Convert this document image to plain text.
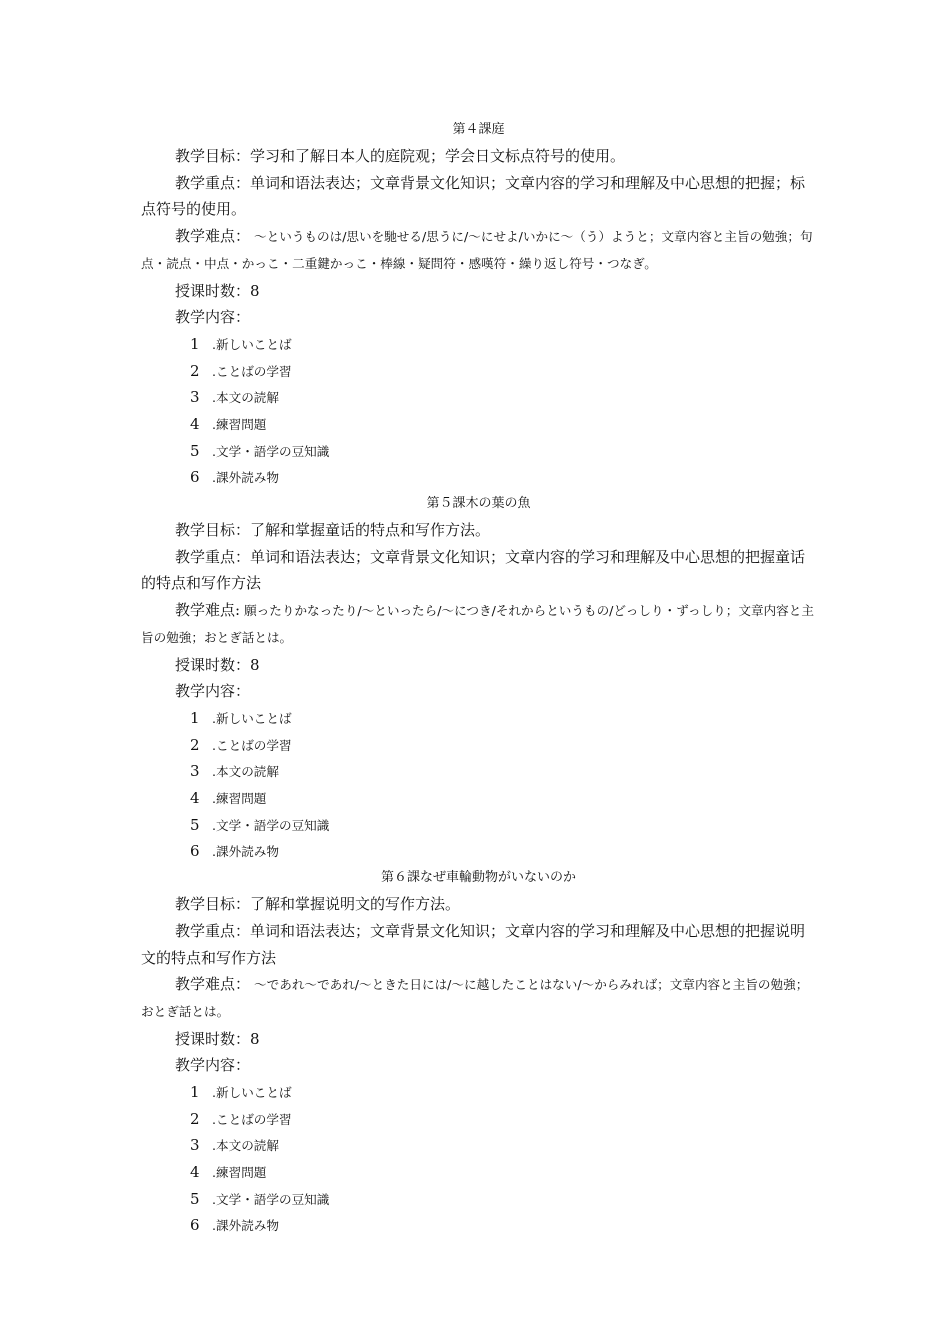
第４課庭

教学目标：学习和了解日本人的庭院观；学会日文标点符号的使用。

教学重点：单词和语法表达；文章背景文化知识；文章内容的学习和理解及中心思想的把握；标点符号的使用。

教学难点： ～というものは/思いを馳せる/思うに/～にせよ/いかに～（う）ようと；文章内容と主旨の勉強；句点・読点・中点・かっこ・二重鍵かっこ・棒線・疑問符・感嘆符・繰り返し符号・つなぎ。

授课时数：8

教学内容：

1 .新しいことば
2 .ことばの学習
3 .本文の読解
4 .練習問題
5 .文学・語学の豆知識
6 .課外読み物
第５課木の葉の魚

教学目标：了解和掌握童话的特点和写作方法。

教学重点：单词和语法表达；文章背景文化知识；文章内容的学习和理解及中心思想的把握童话的特点和写作方法

教学难点: 願ったりかなったり/～といったら/～につき/それからというもの/どっしり・ずっしり；文章内容と主旨の勉強；おとぎ話とは。

授课时数：8

教学内容：

1 .新しいことば
2 .ことばの学習
3 .本文の読解
4 .練習問題
5 .文学・語学の豆知識
6 .課外読み物
第６課なぜ車輪動物がいないのか

教学目标：了解和掌握说明文的写作方法。

教学重点：单词和语法表达；文章背景文化知识；文章内容的学习和理解及中心思想的把握说明文的特点和写作方法

教学难点： ～であれ～であれ/～ときた日には/～に越したことはない/～からみれば；文章内容と主旨の勉強；おとぎ話とは。

授课时数：8

教学内容：

1 .新しいことば
2 .ことばの学習
3 .本文の読解
4 .練習問題
5 .文学・語学の豆知識
6 .課外読み物
